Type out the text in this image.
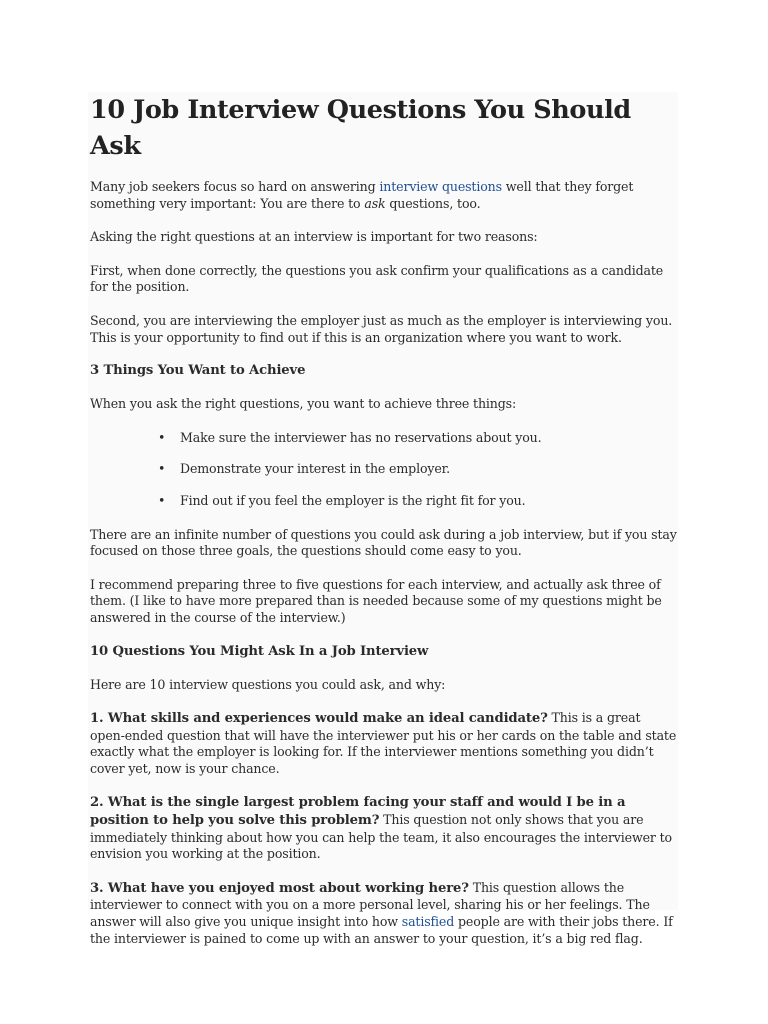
10 Job Interview Questions You Should Ask

Many job seekers focus so hard on answering interview questions well that they forget something very important: You are there to ask questions, too.

Asking the right questions at an interview is important for two reasons:

First, when done correctly, the questions you ask confirm your qualifications as a candidate for the position.

Second, you are interviewing the employer just as much as the employer is interviewing you. This is your opportunity to find out if this is an organization where you want to work.

3 Things You Want to Achieve

When you ask the right questions, you want to achieve three things:

• Make sure the interviewer has no reservations about you.
• Demonstrate your interest in the employer.
• Find out if you feel the employer is the right fit for you.

There are an infinite number of questions you could ask during a job interview, but if you stay focused on those three goals, the questions should come easy to you.

I recommend preparing three to five questions for each interview, and actually ask three of them. (I like to have more prepared than is needed because some of my questions might be answered in the course of the interview.)

10 Questions You Might Ask In a Job Interview

Here are 10 interview questions you could ask, and why:

1. What skills and experiences would make an ideal candidate? This is a great open-ended question that will have the interviewer put his or her cards on the table and state exactly what the employer is looking for. If the interviewer mentions something you didn’t cover yet, now is your chance.

2. What is the single largest problem facing your staff and would I be in a position to help you solve this problem? This question not only shows that you are immediately thinking about how you can help the team, it also encourages the interviewer to envision you working at the position.

3. What have you enjoyed most about working here? This question allows the interviewer to connect with you on a more personal level, sharing his or her feelings. The answer will also give you unique insight into how satisfied people are with their jobs there. If the interviewer is pained to come up with an answer to your question, it’s a big red flag.
